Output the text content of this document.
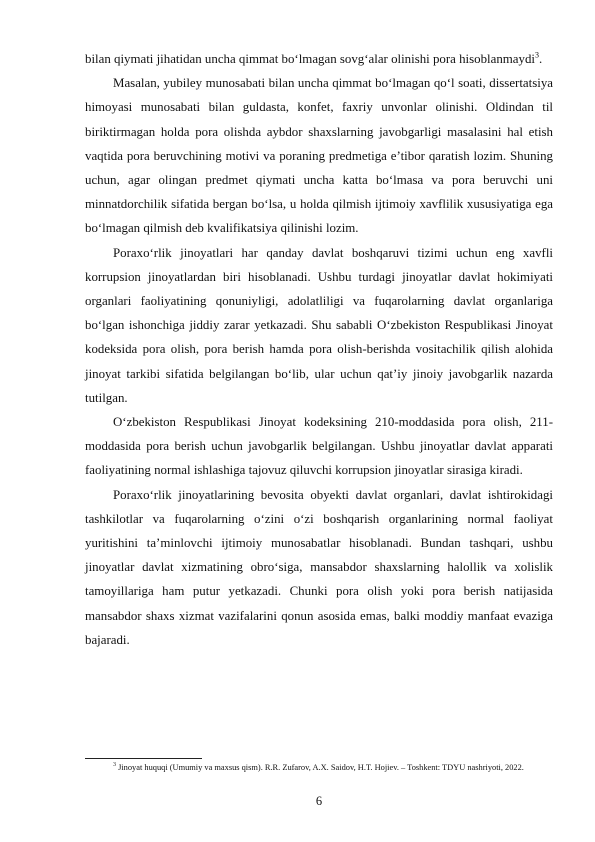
bilan qiymati jihatidan uncha qimmat bo‘lmagan sovg‘alar olinishi pora hisoblanmaydi$^3$.

Masalan, yubiley munosabati bilan uncha qimmat bo‘lmagan qo‘l soati, dissertatsiya himoyasi munosabati bilan guldasta, konfet, faxriy unvonlar olinishi. Oldindan til biriktirmagan holda pora olishda aybdor shaxslarning javobgarligi masalasini hal etish vaqtida pora beruvchining motivi va poraning predmetiga e’tibor qaratish lozim. Shuning uchun, agar olingan predmet qiymati uncha katta bo‘lmasa va pora beruvchi uni minnatdorchilik sifatida bergan bo‘lsa, u holda qilmish ijtimoiy xavflilik xususiyatiga ega bo‘lmagan qilmish deb kvalifikatsiya qilinishi lozim.

Poraxo‘rlik jinoyatlari har qanday davlat boshqaruvi tizimi uchun eng xavfli korrupsion jinoyatlardan biri hisoblanadi. Ushbu turdagi jinoyatlar davlat hokimiyati organlari faoliyatining qonuniyligi, adolatliligi va fuqarolarning davlat organlariga bo‘lgan ishonchiga jiddiy zarar yetkazadi. Shu sababli O‘zbekiston Respublikasi Jinoyat kodeksida pora olish, pora berish hamda pora olish-berishda vositachilik qilish alohida jinoyat tarkibi sifatida belgilangan bo‘lib, ular uchun qat’iy jinoiy javobgarlik nazarda tutilgan.

O‘zbekiston Respublikasi Jinoyat kodeksining 210-moddasida pora olish, 211-moddasida pora berish uchun javobgarlik belgilangan. Ushbu jinoyatlar davlat apparati faoliyatining normal ishlashiga tajovuz qiluvchi korrupsion jinoyatlar sirasiga kiradi.

Poraxo‘rlik jinoyatlarining bevosita obyekti davlat organlari, davlat ishtirokidagi tashkilotlar va fuqarolarning o‘zini o‘zi boshqarish organlarining normal faoliyat yuritishini ta’minlovchi ijtimoiy munosabatlar hisoblanadi. Bundan tashqari, ushbu jinoyatlar davlat xizmatining obro‘siga, mansabdor shaxslarning halollik va xolislik tamoyillariga ham putur yetkazadi. Chunki pora olish yoki pora berish natijasida mansabdor shaxs xizmat vazifalarini qonun asosida emas, balki moddiy manfaat evaziga bajaradi.

$^3$ Jinoyat huquqi (Umumiy va maxsus qism). R.R. Zufarov, A.X. Saidov, H.T. Hojiev. – Toshkent: TDYU nashriyoti, 2022.
6
